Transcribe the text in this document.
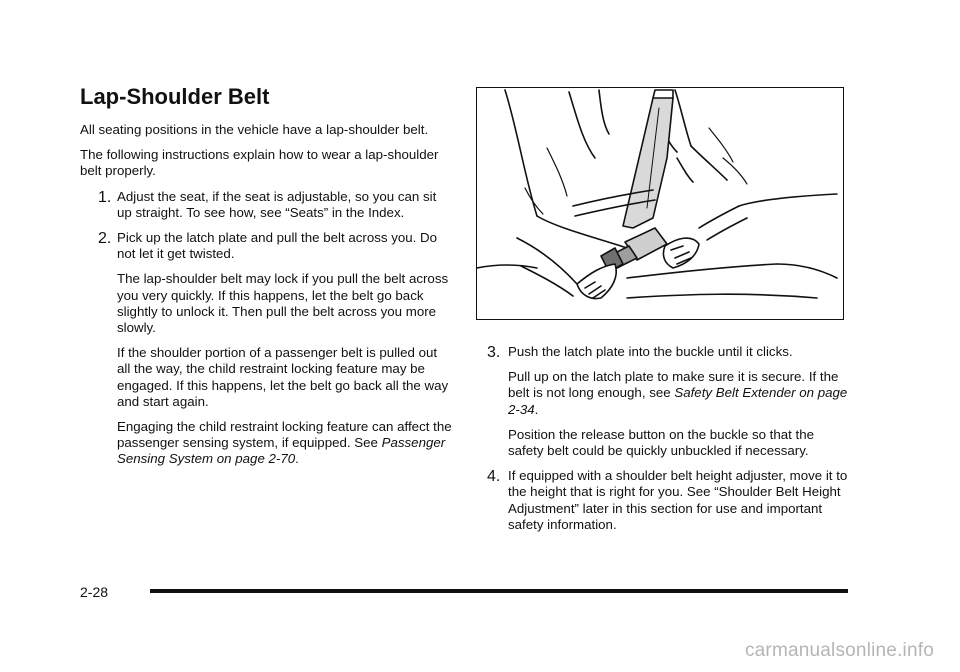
Lap-Shoulder Belt

All seating positions in the vehicle have a lap-shoulder belt.

The following instructions explain how to wear a lap-shoulder belt properly.

1. Adjust the seat, if the seat is adjustable, so you can sit up straight. To see how, see “Seats” in the Index.

2. Pick up the latch plate and pull the belt across you. Do not let it get twisted.

The lap-shoulder belt may lock if you pull the belt across you very quickly. If this happens, let the belt go back slightly to unlock it. Then pull the belt across you more slowly.

If the shoulder portion of a passenger belt is pulled out all the way, the child restraint locking feature may be engaged. If this happens, let the belt go back all the way and start again.

Engaging the child restraint locking feature can affect the passenger sensing system, if equipped. See Passenger Sensing System on page 2-70.

3. Push the latch plate into the buckle until it clicks.

Pull up on the latch plate to make sure it is secure. If the belt is not long enough, see Safety Belt Extender on page 2-34.

Position the release button on the buckle so that the safety belt could be quickly unbuckled if necessary.

4. If equipped with a shoulder belt height adjuster, move it to the height that is right for you. See “Shoulder Belt Height Adjustment” later in this section for use and important safety information.

2-28
carmanualsonline.info
